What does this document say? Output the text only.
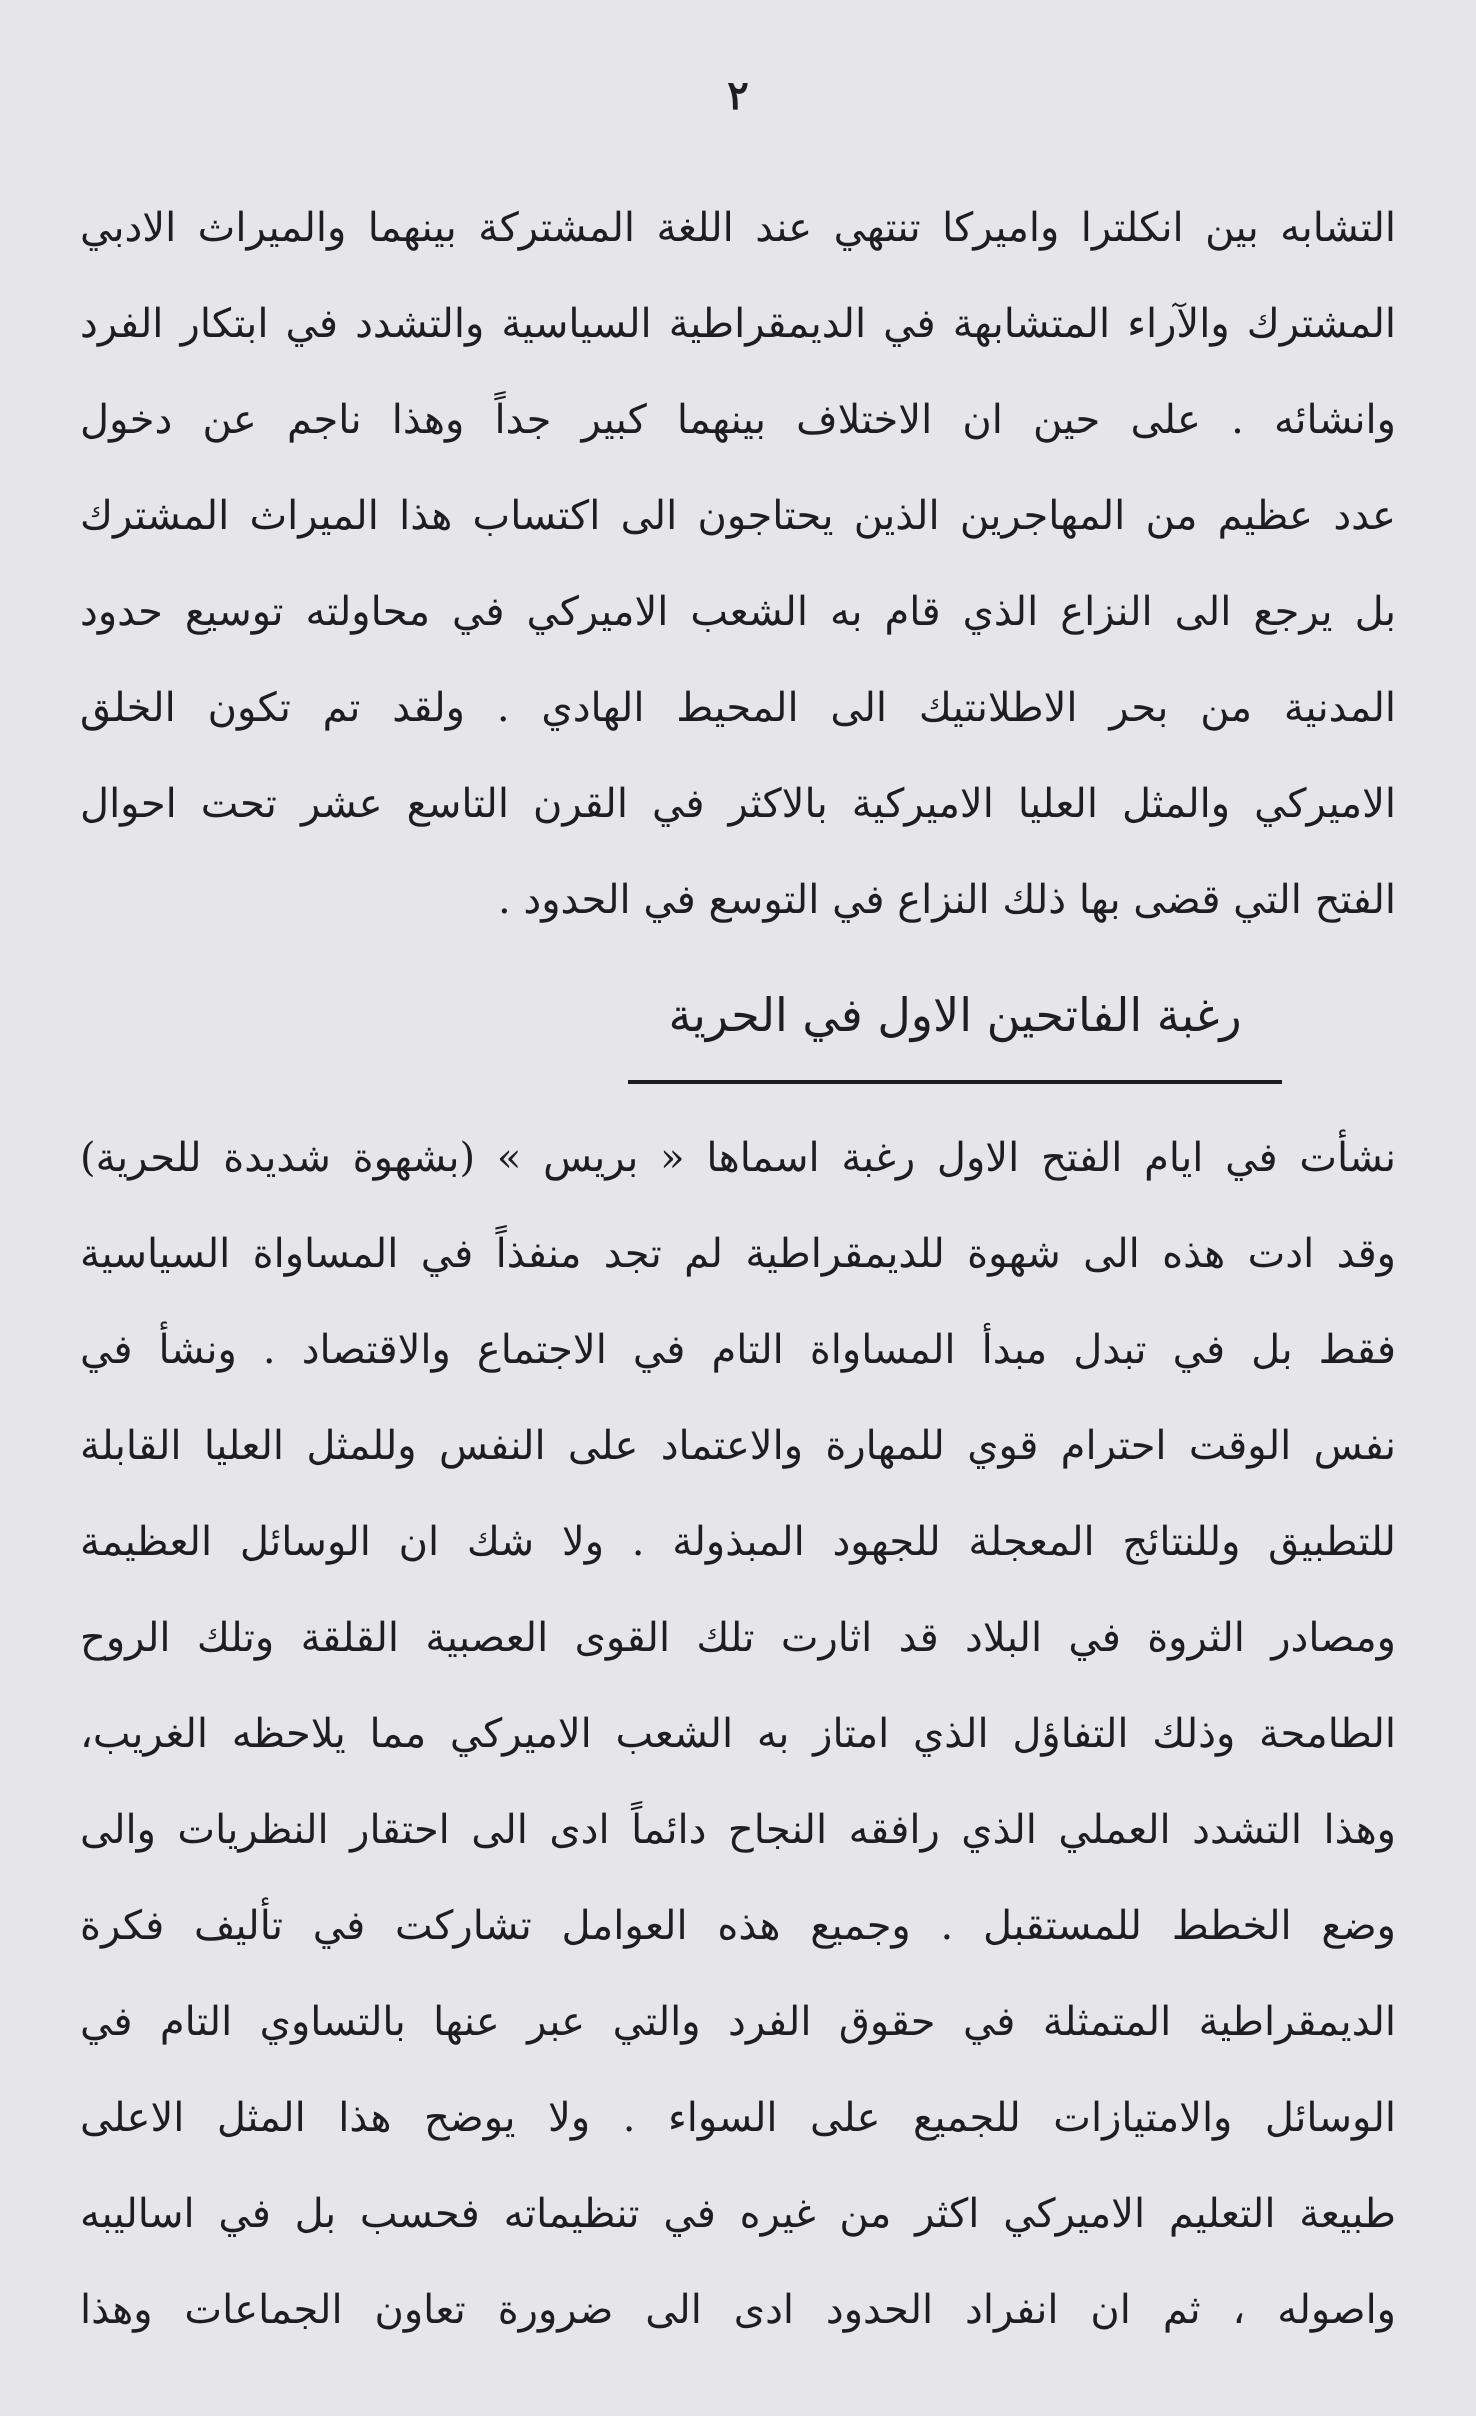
٢
التشابه بين انكلترا واميركا تنتهي عند اللغة المشتركة بينهما والميراث الادبي
المشترك والآراء المتشابهة في الديمقراطية السياسية والتشدد في ابتكار الفرد
وانشائه . على حين ان الاختلاف بينهما كبير جداً وهذا ناجم عن دخول
عدد عظيم من المهاجرين الذين يحتاجون الى اكتساب هذا الميراث المشترك
بل يرجع الى النزاع الذي قام به الشعب الاميركي في محاولته توسيع حدود
المدنية من بحر الاطلانتيك الى المحيط الهادي . ولقد تم تكون الخلق
الاميركي والمثل العليا الاميركية بالاكثر في القرن التاسع عشر تحت احوال
الفتح التي قضى بها ذلك النزاع في التوسع في الحدود .
رغبة الفاتحين الاول في الحرية
نشأت في ايام الفتح الاول رغبة اسماها « بريس » (بشهوة شديدة للحرية)
وقد ادت هذه الى شهوة للديمقراطية لم تجد منفذاً في المساواة السياسية
فقط بل في تبدل مبدأ المساواة التام في الاجتماع والاقتصاد . ونشأ في
نفس الوقت احترام قوي للمهارة والاعتماد على النفس وللمثل العليا القابلة
للتطبيق وللنتائج المعجلة للجهود المبذولة . ولا شك ان الوسائل العظيمة
ومصادر الثروة في البلاد قد اثارت تلك القوى العصبية القلقة وتلك الروح
الطامحة وذلك التفاؤل الذي امتاز به الشعب الاميركي مما يلاحظه الغريب،
وهذا التشدد العملي الذي رافقه النجاح دائماً ادى الى احتقار النظريات والى
وضع الخطط للمستقبل . وجميع هذه العوامل تشاركت في تأليف فكرة
الديمقراطية المتمثلة في حقوق الفرد والتي عبر عنها بالتساوي التام في
الوسائل والامتيازات للجميع على السواء . ولا يوضح هذا المثل الاعلى
طبيعة التعليم الاميركي اكثر من غيره في تنظيماته فحسب بل في اساليبه
واصوله ، ثم ان انفراد الحدود ادى الى ضرورة تعاون الجماعات وهذا
